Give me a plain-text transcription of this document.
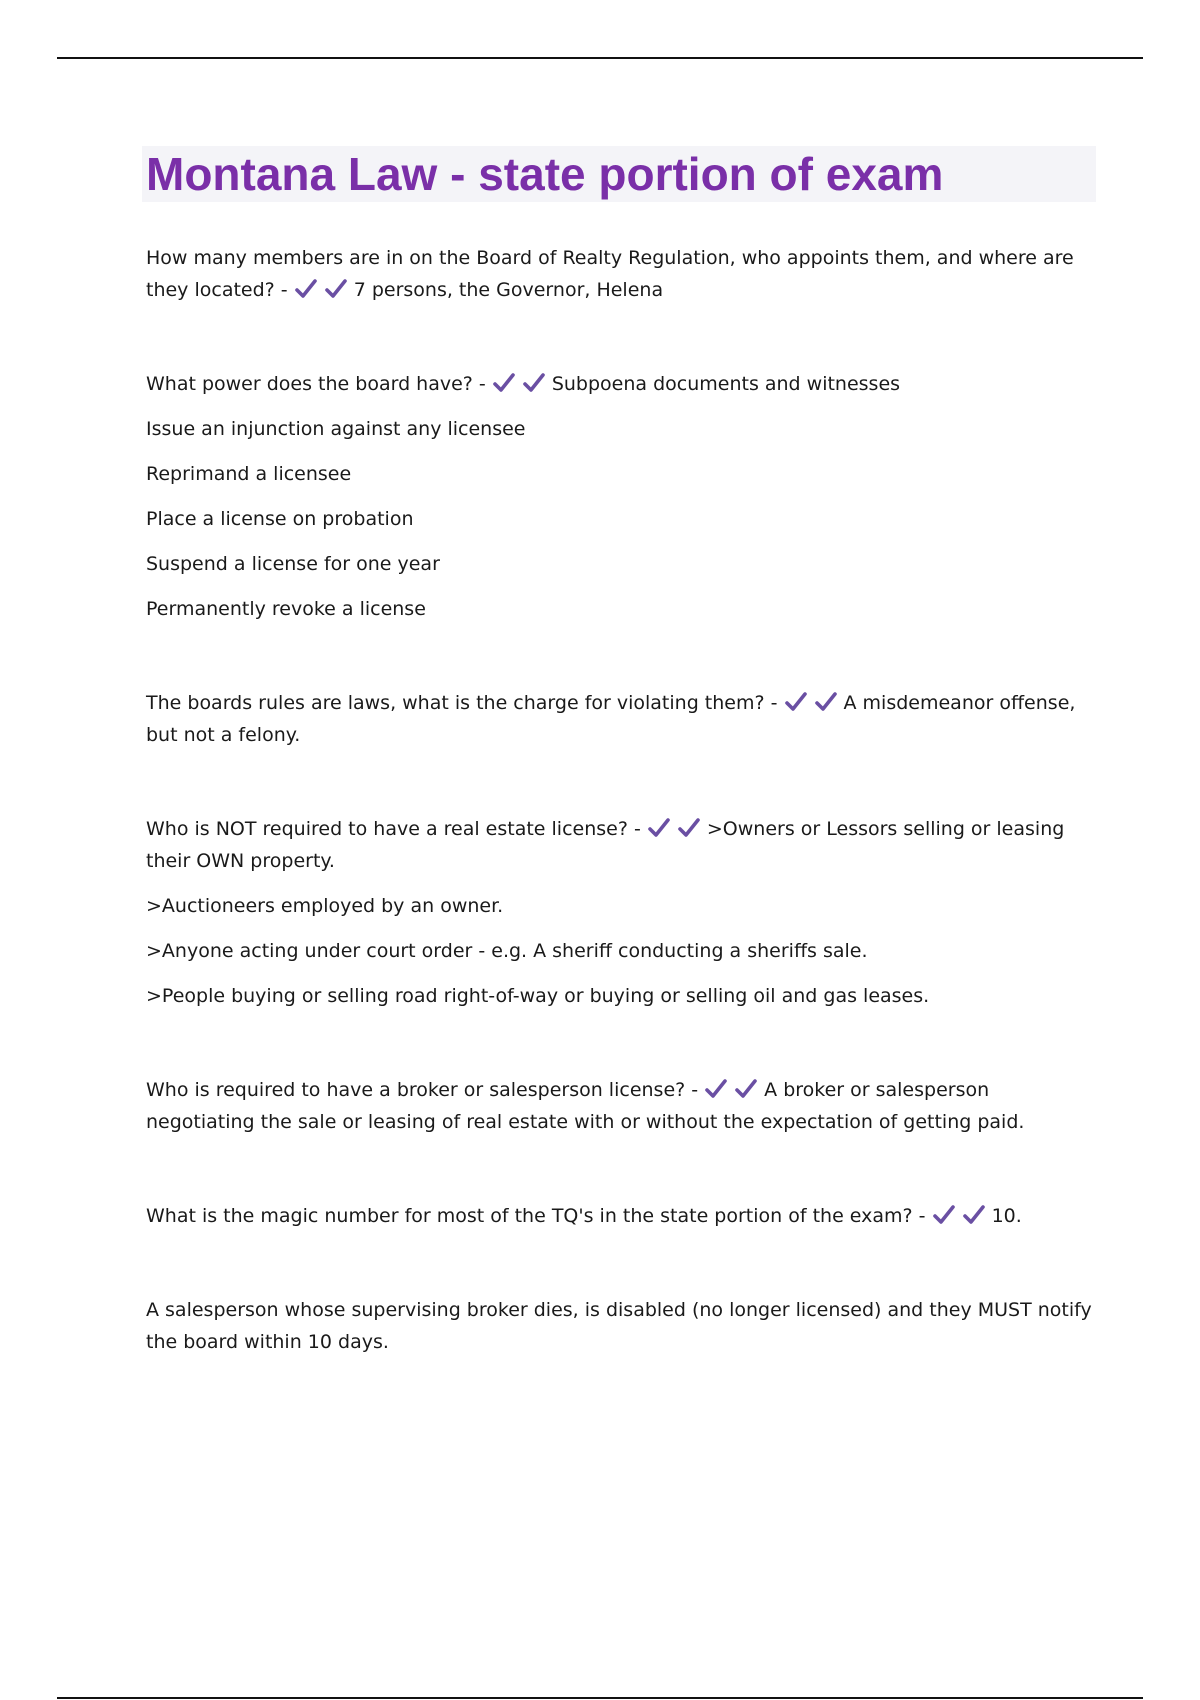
Montana Law - state portion of exam

How many members are in on the Board of Realty Regulation, who appoints them, and where are they located? -	7 persons, the Governor, Helena

What power does the board have? -	Subpoena documents and witnesses

Issue an injunction against any licensee

Reprimand a licensee

Place a license on probation

Suspend a license for one year

Permanently revoke a license

The boards rules are laws, what is the charge for violating them? -	A misdemeanor offense, but not a felony.

Who is NOT required to have a real estate license? -	>Owners or Lessors selling or leasing their OWN property.

>Auctioneers employed by an owner.

>Anyone acting under court order - e.g. A sheriff conducting a sheriffs sale.

>People buying or selling road right-of-way or buying or selling oil and gas leases.

Who is required to have a broker or salesperson license? -	A broker or salesperson negotiating the sale or leasing of real estate with or without the expectation of getting paid.

What is the magic number for most of the TQ's in the state portion of the exam? -	10.

A salesperson whose supervising broker dies, is disabled (no longer licensed) and they MUST notify the board within 10 days.
